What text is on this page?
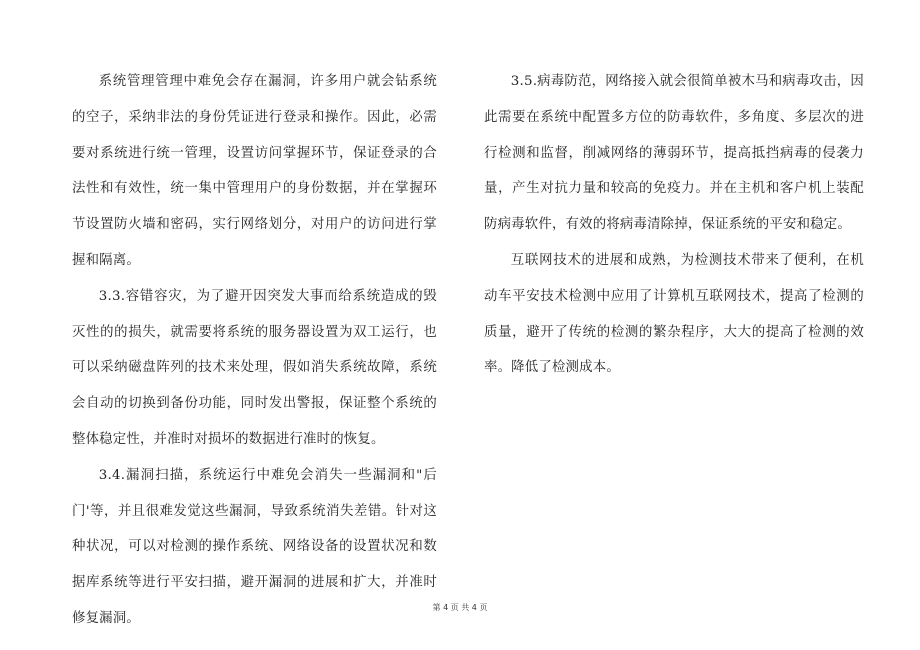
系统管理管理中难免会存在漏洞，许多用户就会钻系统的空子，采纳非法的身份凭证进行登录和操作。因此，必需要对系统进行统一管理，设置访问掌握环节，保证登录的合法性和有效性，统一集中管理用户的身份数据，并在掌握环节设置防火墙和密码，实行网络划分，对用户的访问进行掌握和隔离。

3.3.容错容灾，为了避开因突发大事而给系统造成的毁灭性的的损失，就需要将系统的服务器设置为双工运行，也可以采纳磁盘阵列的技术来处理，假如消失系统故障，系统会自动的切换到备份功能，同时发出警报，保证整个系统的整体稳定性，并准时对损坏的数据进行准时的恢复。

3.4.漏洞扫描，系统运行中难免会消失一些漏洞和"后门'等，并且很难发觉这些漏洞，导致系统消失差错。针对这种状况，可以对检测的操作系统、网络设备的设置状况和数据库系统等进行平安扫描，避开漏洞的进展和扩大，并准时修复漏洞。

3.5.病毒防范，网络接入就会很简单被木马和病毒攻击，因此需要在系统中配置多方位的防毒软件，多角度、多层次的进行检测和监督，削减网络的薄弱环节，提高抵挡病毒的侵袭力量，产生对抗力量和较高的免疫力。并在主机和客户机上装配防病毒软件，有效的将病毒清除掉，保证系统的平安和稳定。

互联网技术的进展和成熟，为检测技术带来了便利，在机动车平安技术检测中应用了计算机互联网技术，提高了检测的质量，避开了传统的检测的繁杂程序，大大的提高了检测的效率。降低了检测成本。

第 4 页 共 4 页
